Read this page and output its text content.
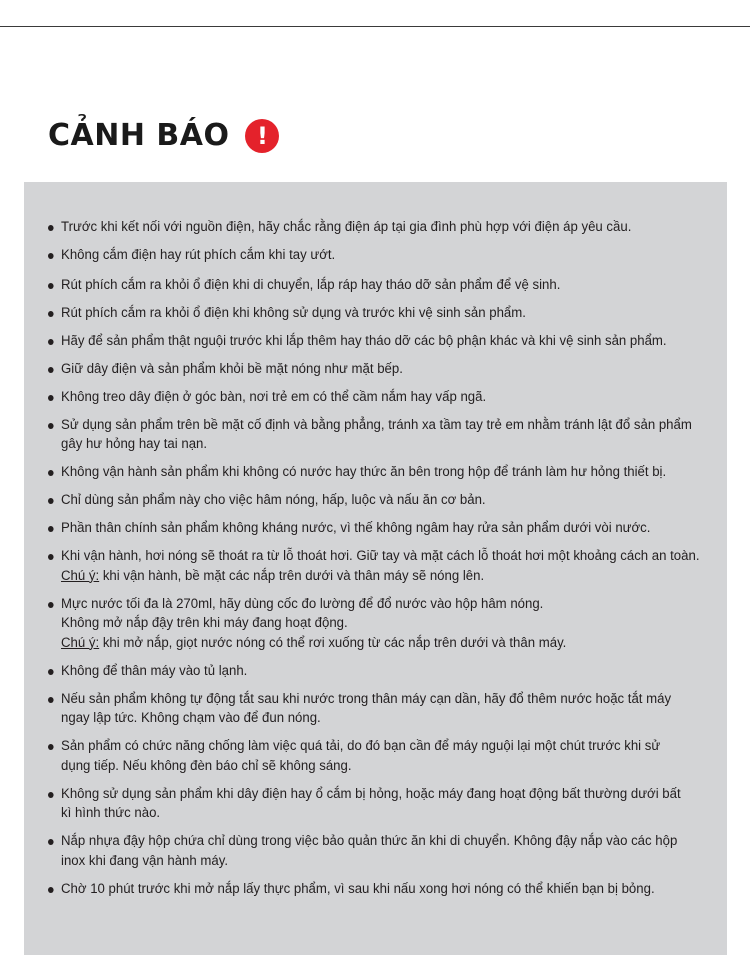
CẢNH BÁO	!
Trước khi kết nối với nguồn điện, hãy chắc rằng điện áp tại gia đình phù hợp với điện áp yêu cầu.
Không cắm điện hay rút phích cắm khi tay ướt.
Rút phích cắm ra khỏi ổ điện khi di chuyển, lắp ráp hay tháo dỡ sản phẩm để vệ sinh.
Rút phích cắm ra khỏi ổ điện khi không sử dụng và trước khi vệ sinh sản phẩm.
Hãy để sản phẩm thật nguội trước khi lắp thêm hay tháo dỡ các bộ phận khác và khi vệ sinh sản phẩm.
Giữ dây điện và sản phẩm khỏi bề mặt nóng như mặt bếp.
Không treo dây điện ở góc bàn, nơi trẻ em có thể cầm nắm hay vấp ngã.
Sử dụng sản phẩm trên bề mặt cố định và bằng phẳng, tránh xa tầm tay trẻ em nhằm tránh lật đổ sản phẩm
gây hư hỏng hay tai nạn.
Không vận hành sản phẩm khi không có nước hay thức ăn bên trong hộp để tránh làm hư hỏng thiết bị.
Chỉ dùng sản phẩm này cho việc hâm nóng, hấp, luộc và nấu ăn cơ bản.
Phần thân chính sản phẩm không kháng nước, vì thế không ngâm hay rửa sản phẩm dưới vòi nước.
Khi vận hành, hơi nóng sẽ thoát ra từ lỗ thoát hơi. Giữ tay và mặt cách lỗ thoát hơi một khoảng cách an toàn.
Chú ý: khi vận hành, bề mặt các nắp trên dưới và thân máy sẽ nóng lên.
Mực nước tối đa là 270ml, hãy dùng cốc đo lường để đổ nước vào hộp hâm nóng.
Không mở nắp đậy trên khi máy đang hoạt động.
Chú ý: khi mở nắp, giọt nước nóng có thể rơi xuống từ các nắp trên dưới và thân máy.
Không để thân máy vào tủ lạnh.
Nếu sản phẩm không tự động tắt sau khi nước trong thân máy cạn dần, hãy đổ thêm nước hoặc tắt máy
ngay lập tức. Không chạm vào để đun nóng.
Sản phẩm có chức năng chống làm việc quá tải, do đó bạn cần để máy nguội lại một chút trước khi sử
dụng tiếp. Nếu không đèn báo chỉ sẽ không sáng.
Không sử dụng sản phẩm khi dây điện hay ổ cắm bị hỏng, hoặc máy đang hoạt động bất thường dưới bất
kì hình thức nào.
Nắp nhựa đậy hộp chứa chỉ dùng trong việc bảo quản thức ăn khi di chuyển. Không đậy nắp vào các hộp
inox khi đang vận hành máy.
Chờ 10 phút trước khi mở nắp lấy thực phẩm, vì sau khi nấu xong hơi nóng có thể khiến bạn bị bỏng.
